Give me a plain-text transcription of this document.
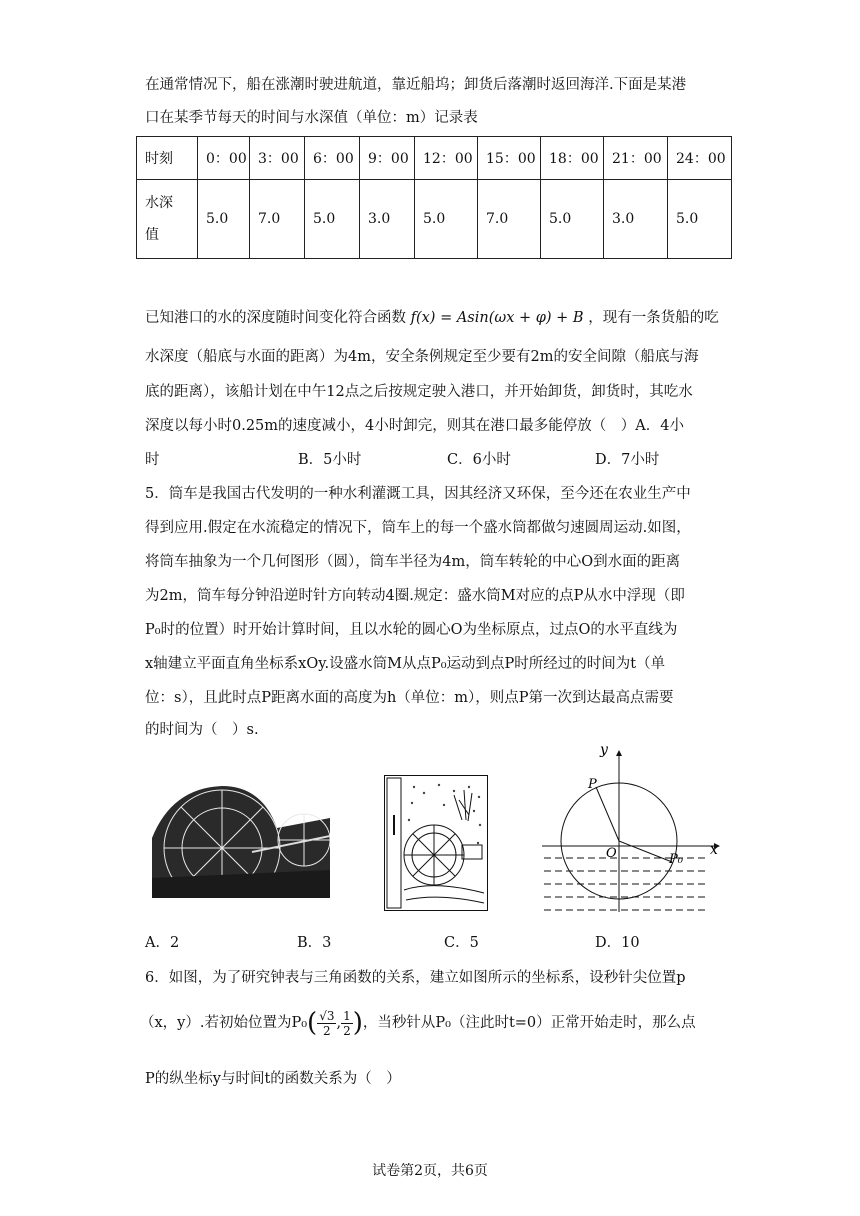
在通常情况下，船在涨潮时驶进航道，靠近船坞；卸货后落潮时返回海洋.下面是某港
口在某季节每天的时间与水深值（单位：m）记录表
时刻	0：00	3：00	6：00	9：00	12：00	15：00	18：00	21：00	24：00

水深
值	5.0	7.0	5.0	3.0	5.0	7.0	5.0	3.0	5.0
已知港口的水的深度随时间变化符合函数 f(x) = Asin(ωx + φ) + B ，现有一条货船的吃
水深度（船底与水面的距离）为4m，安全条例规定至少要有2m的安全间隙（船底与海
底的距离），该船计划在中午12点之后按规定驶入港口，并开始卸货，卸货时，其吃水
深度以每小时0.25m的速度减小，4小时卸完，则其在港口最多能停放（　）A．4小
时	B．5小时	C．6小时	D．7小时
5．筒车是我国古代发明的一种水利灌溉工具，因其经济又环保，至今还在农业生产中
得到应用.假定在水流稳定的情况下，筒车上的每一个盛水筒都做匀速圆周运动.如图，
将筒车抽象为一个几何图形（圆），筒车半径为4m，筒车转轮的中心O到水面的距离
为2m，筒车每分钟沿逆时针方向转动4圈.规定：盛水筒M对应的点P从水中浮现（即
P₀时的位置）时开始计算时间，且以水轮的圆心O为坐标原点，过点O的水平直线为
x轴建立平面直角坐标系xOy.设盛水筒M从点P₀运动到点P时所经过的时间为t（单
位：s），且此时点P距离水面的高度为h（单位：m），则点P第一次到达最高点需要
的时间为（　）s.
y
x
P
O	P₀
A．2	B．3	C．5	D．10
6．如图，为了研究钟表与三角函数的关系，建立如图所示的坐标系，设秒针尖位置p
（x，y）.若初始位置为$P_0( \frac{√3}{2}$ , $\frac{1}{2}$ )，当秒针从P₀（注此时t=0）正常开始走时，那么点
P的纵坐标y与时间t的函数关系为（　）
试卷第2页，共6页
